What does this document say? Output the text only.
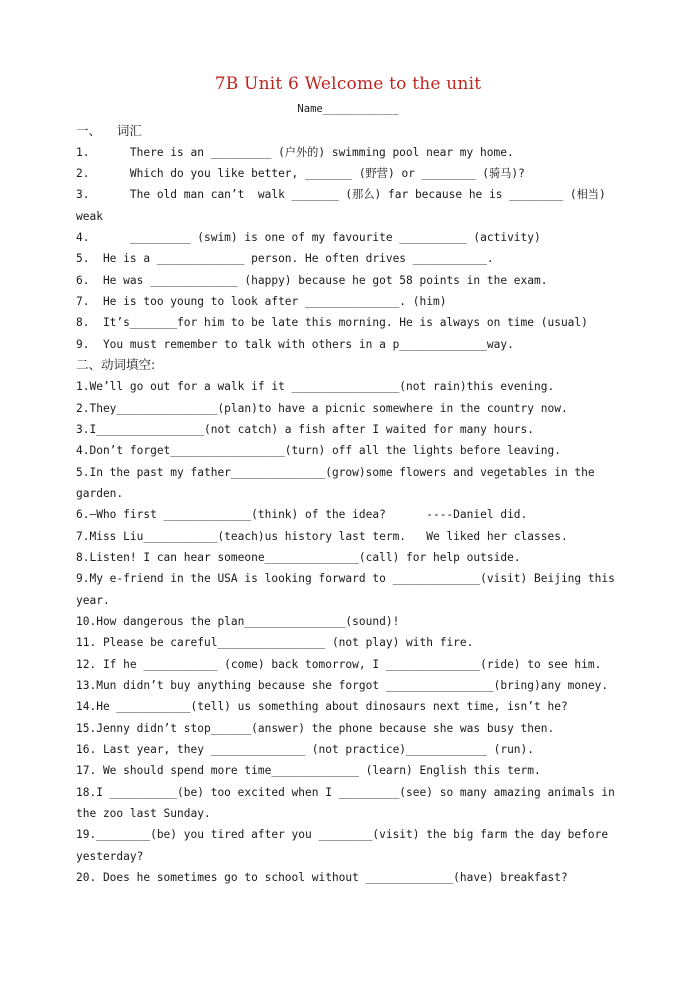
7B Unit 6 Welcome to the unit
Name____________
一、    词汇
1.      There is an _________ (户外的) swimming pool near my home.
2.      Which do you like better, _______ (野营) or ________ (骑马)?
3.      The old man can’t  walk _______ (那么) far because he is ________ (相当)
weak
4.      _________ (swim) is one of my favourite __________ (activity)
5.  He is a _____________ person. He often drives ___________.
6.  He was _____________ (happy) because he got 58 points in the exam.
7.  He is too young to look after ______________. (him)
8.  It’s_______for him to be late this morning. He is always on time (usual)
9.  You must remember to talk with others in a p_____________way.
二、动词填空:
1.We’ll go out for a walk if it ________________(not rain)this evening.
2.They_______________(plan)to have a picnic somewhere in the country now.
3.I________________(not catch) a fish after I waited for many hours.
4.Don’t forget_________________(turn) off all the lights before leaving.
5.In the past my father______________(grow)some flowers and vegetables in the
garden.
6.—Who first _____________(think) of the idea?      ----Daniel did.
7.Miss Liu___________(teach)us history last term.   We liked her classes.
8.Listen! I can hear someone______________(call) for help outside.
9.My e-friend in the USA is looking forward to _____________(visit) Beijing this
year.
10.How dangerous the plan_______________(sound)!
11. Please be careful________________ (not play) with fire.
12. If he ___________ (come) back tomorrow, I ______________(ride) to see him.
13.Mun didn’t buy anything because she forgot ________________(bring)any money.
14.He ___________(tell) us something about dinosaurs next time, isn’t he?
15.Jenny didn’t stop______(answer) the phone because she was busy then.
16. Last year, they ______________ (not practice)____________ (run).
17. We should spend more time_____________ (learn) English this term.
18.I __________(be) too excited when I _________(see) so many amazing animals in
the zoo last Sunday.
19.________(be) you tired after you ________(visit) the big farm the day before
yesterday?
20. Does he sometimes go to school without _____________(have) breakfast?
